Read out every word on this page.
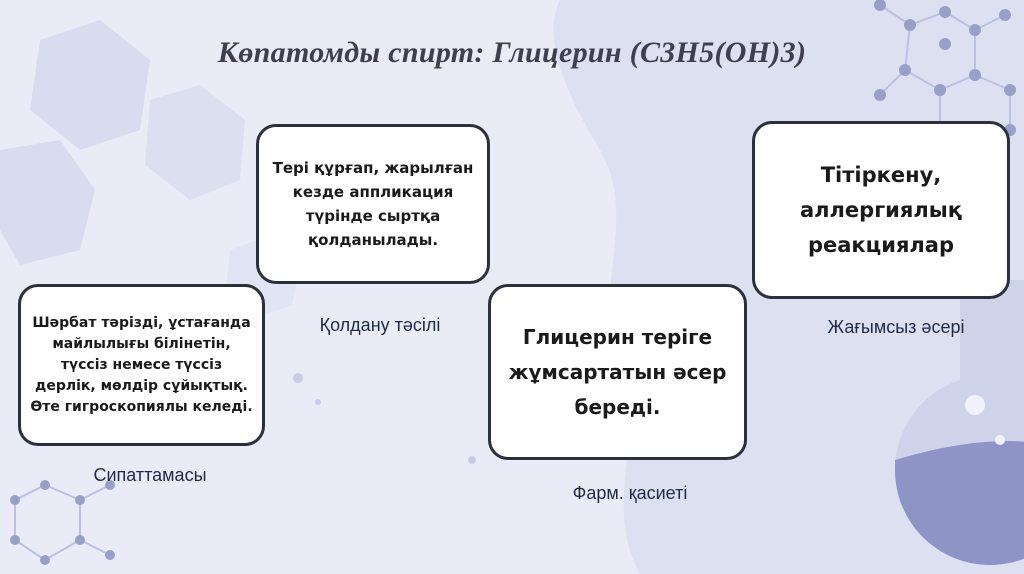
Көпатомды спирт: Глицерин (C3H5(OH)3)
Тері құрғап, жарылған кезде аппликация түрінде сыртқа қолданылады.
Тітіркену, аллергиялық реакциялар
Шәрбат тәрізді, ұстағанда майлылығы білінетін, түссіз немесе түссіз дерлік, мөлдір сұйықтық. Өте гигроскопиялы келеді.
Глицерин теріге жұмсартатын әсер береді.
Қолдану тәсілі	Жағымсыз әсері
Сипаттамасы
Фарм. қасиеті
